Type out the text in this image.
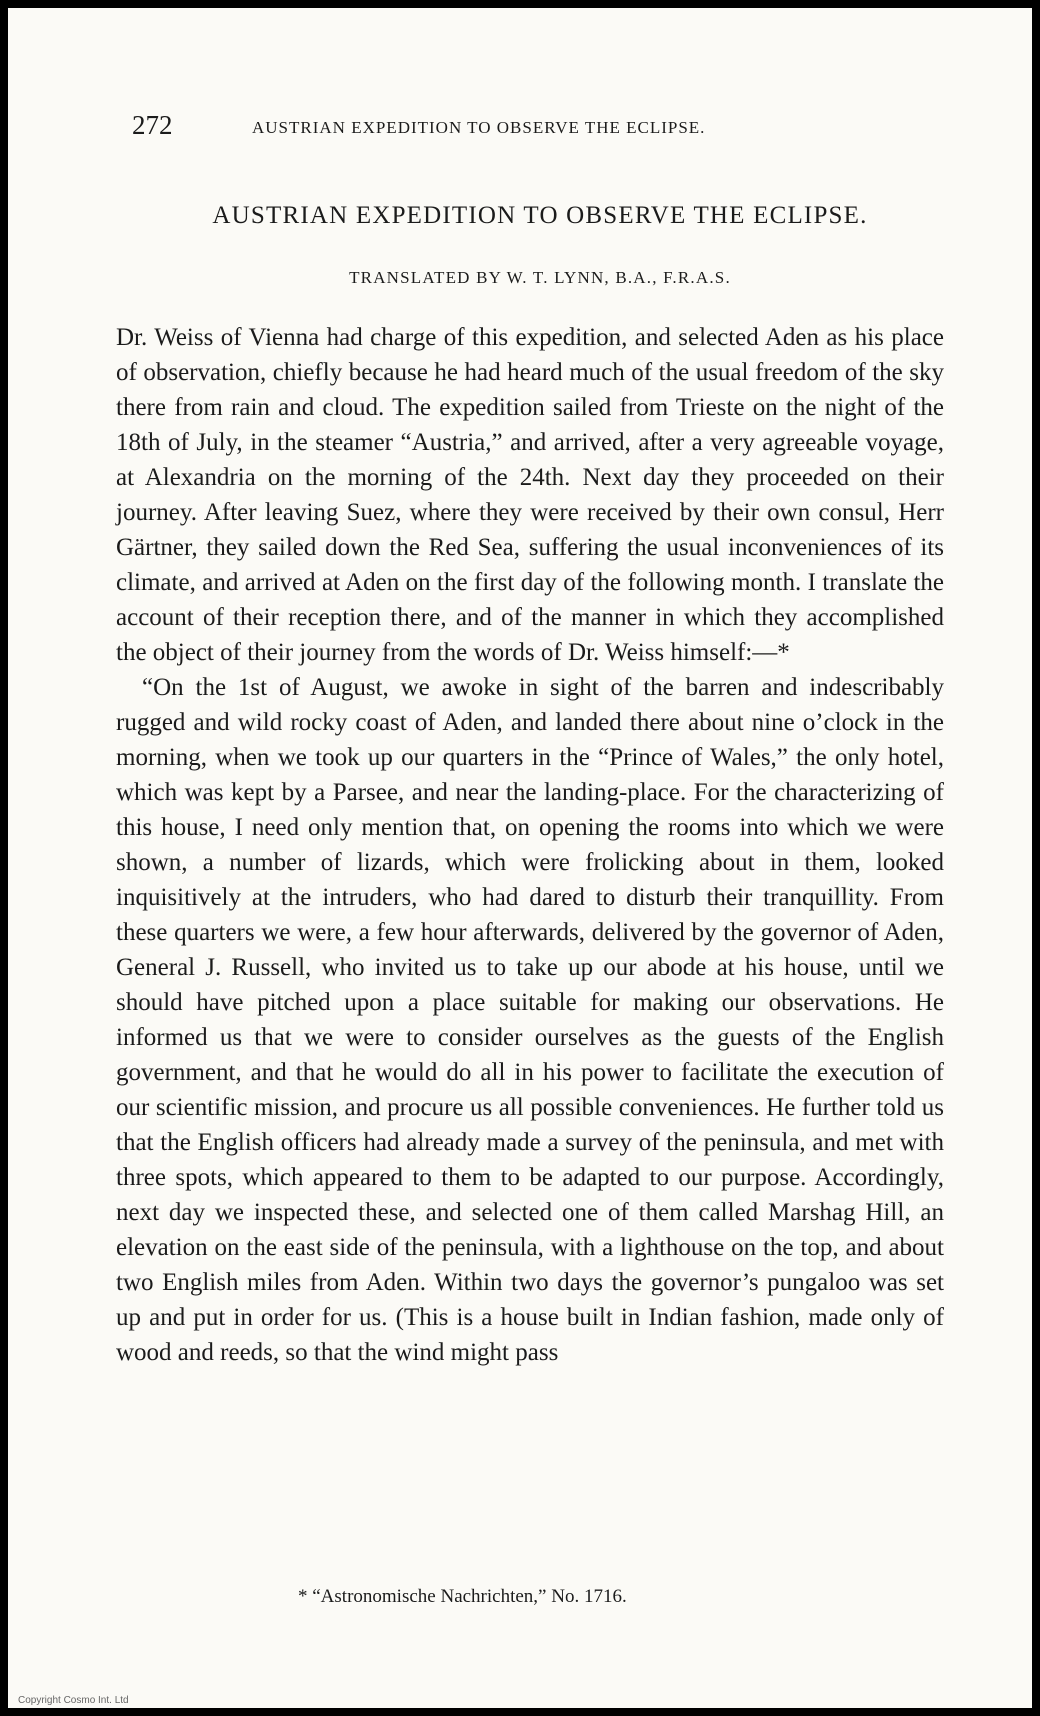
272	AUSTRIAN EXPEDITION TO OBSERVE THE ECLIPSE.
AUSTRIAN EXPEDITION TO OBSERVE THE ECLIPSE.
TRANSLATED BY W. T. LYNN, B.A., F.R.A.S.

Dr. Weiss of Vienna had charge of this expedition, and selected Aden as his place of observation, chiefly because he had heard much of the usual freedom of the sky there from rain and cloud. The expedition sailed from Trieste on the night of the 18th of July, in the steamer “Austria,” and arrived, after a very agreeable voyage, at Alexandria on the morning of the 24th. Next day they proceeded on their journey. After leaving Suez, where they were received by their own consul, Herr Gärtner, they sailed down the Red Sea, suffering the usual inconveniences of its climate, and arrived at Aden on the first day of the following month. I translate the account of their reception there, and of the manner in which they accomplished the object of their journey from the words of Dr. Weiss himself:—*

“On the 1st of August, we awoke in sight of the barren and indescribably rugged and wild rocky coast of Aden, and landed there about nine o’clock in the morning, when we took up our quarters in the “Prince of Wales,” the only hotel, which was kept by a Parsee, and near the landing-place. For the characterizing of this house, I need only mention that, on opening the rooms into which we were shown, a number of lizards, which were frolicking about in them, looked inquisitively at the intruders, who had dared to disturb their tranquillity. From these quarters we were, a few hour afterwards, delivered by the governor of Aden, General J. Russell, who invited us to take up our abode at his house, until we should have pitched upon a place suitable for making our observations. He informed us that we were to consider ourselves as the guests of the English government, and that he would do all in his power to facilitate the execution of our scientific mission, and procure us all possible conveniences. He further told us that the English officers had already made a survey of the peninsula, and met with three spots, which appeared to them to be adapted to our purpose. Accordingly, next day we inspected these, and selected one of them called Marshag Hill, an elevation on the east side of the peninsula, with a lighthouse on the top, and about two English miles from Aden. Within two days the governor’s pungaloo was set up and put in order for us. (This is a house built in Indian fashion, made only of wood and reeds, so that the wind might pass

* “Astronomische Nachrichten,” No. 1716.
Copyright Cosmo Int. Ltd
